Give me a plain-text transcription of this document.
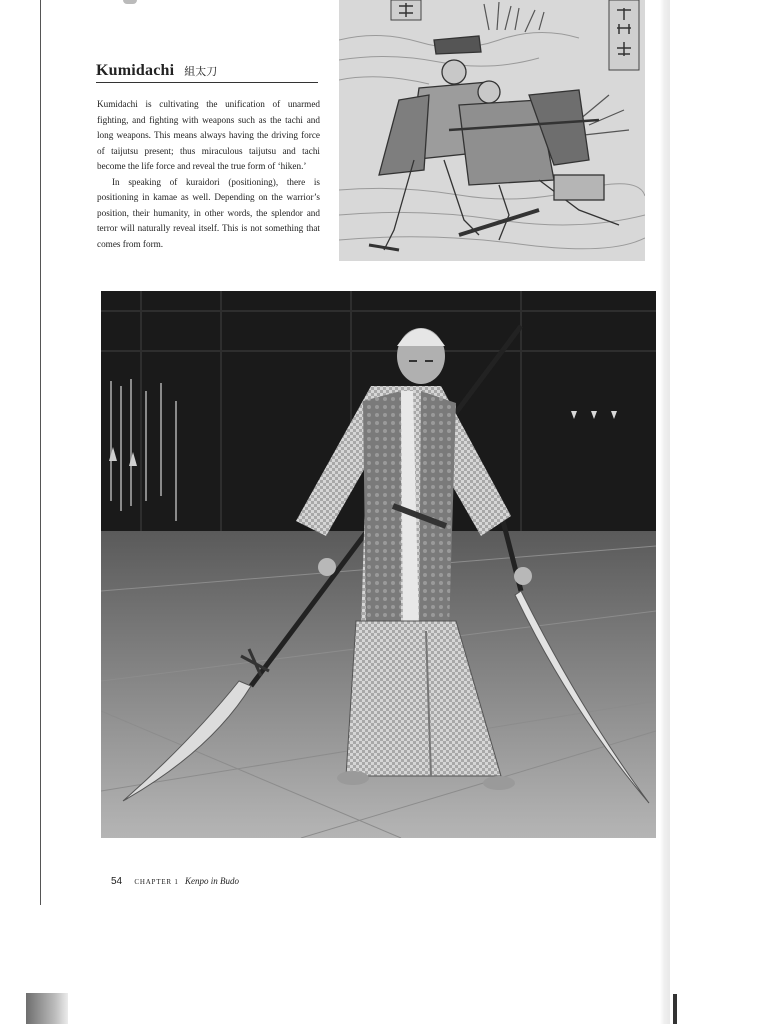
Kumidachi 組太刀

Kumidachi is cultivating the unification of unarmed fighting, and fighting with weapons such as the tachi and long weapons. This means always having the driving force of taijutsu present; thus miraculous taijutsu and tachi become the life force and reveal the true form of ‘hiken.’

In speaking of kuraidori (positioning), there is positioning in kamae as well. Depending on the warrior’s position, their humanity, in other words, the splendor and terror will naturally reveal itself. This is not something that comes from form.

54 CHAPTER 1 Kenpo in Budo
